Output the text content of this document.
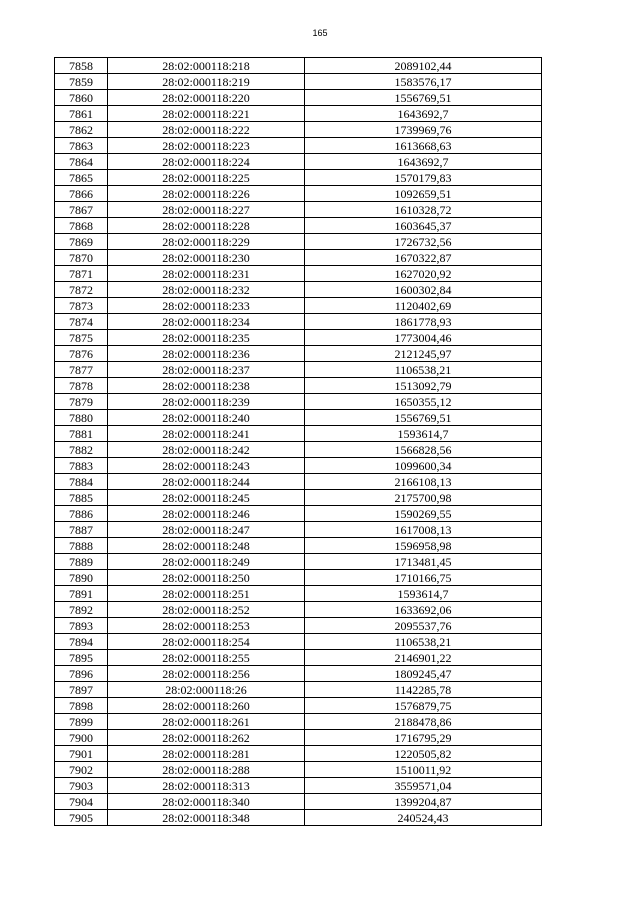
165
7858	28:02:000118:218	2089102,44
7859	28:02:000118:219	1583576,17
7860	28:02:000118:220	1556769,51
7861	28:02:000118:221	1643692,7
7862	28:02:000118:222	1739969,76
7863	28:02:000118:223	1613668,63
7864	28:02:000118:224	1643692,7
7865	28:02:000118:225	1570179,83
7866	28:02:000118:226	1092659,51
7867	28:02:000118:227	1610328,72
7868	28:02:000118:228	1603645,37
7869	28:02:000118:229	1726732,56
7870	28:02:000118:230	1670322,87
7871	28:02:000118:231	1627020,92
7872	28:02:000118:232	1600302,84
7873	28:02:000118:233	1120402,69
7874	28:02:000118:234	1861778,93
7875	28:02:000118:235	1773004,46
7876	28:02:000118:236	2121245,97
7877	28:02:000118:237	1106538,21
7878	28:02:000118:238	1513092,79
7879	28:02:000118:239	1650355,12
7880	28:02:000118:240	1556769,51
7881	28:02:000118:241	1593614,7
7882	28:02:000118:242	1566828,56
7883	28:02:000118:243	1099600,34
7884	28:02:000118:244	2166108,13
7885	28:02:000118:245	2175700,98
7886	28:02:000118:246	1590269,55
7887	28:02:000118:247	1617008,13
7888	28:02:000118:248	1596958,98
7889	28:02:000118:249	1713481,45
7890	28:02:000118:250	1710166,75
7891	28:02:000118:251	1593614,7
7892	28:02:000118:252	1633692,06
7893	28:02:000118:253	2095537,76
7894	28:02:000118:254	1106538,21
7895	28:02:000118:255	2146901,22
7896	28:02:000118:256	1809245,47
7897	28:02:000118:26	1142285,78
7898	28:02:000118:260	1576879,75
7899	28:02:000118:261	2188478,86
7900	28:02:000118:262	1716795,29
7901	28:02:000118:281	1220505,82
7902	28:02:000118:288	1510011,92
7903	28:02:000118:313	3559571,04
7904	28:02:000118:340	1399204,87
7905	28:02:000118:348	240524,43
